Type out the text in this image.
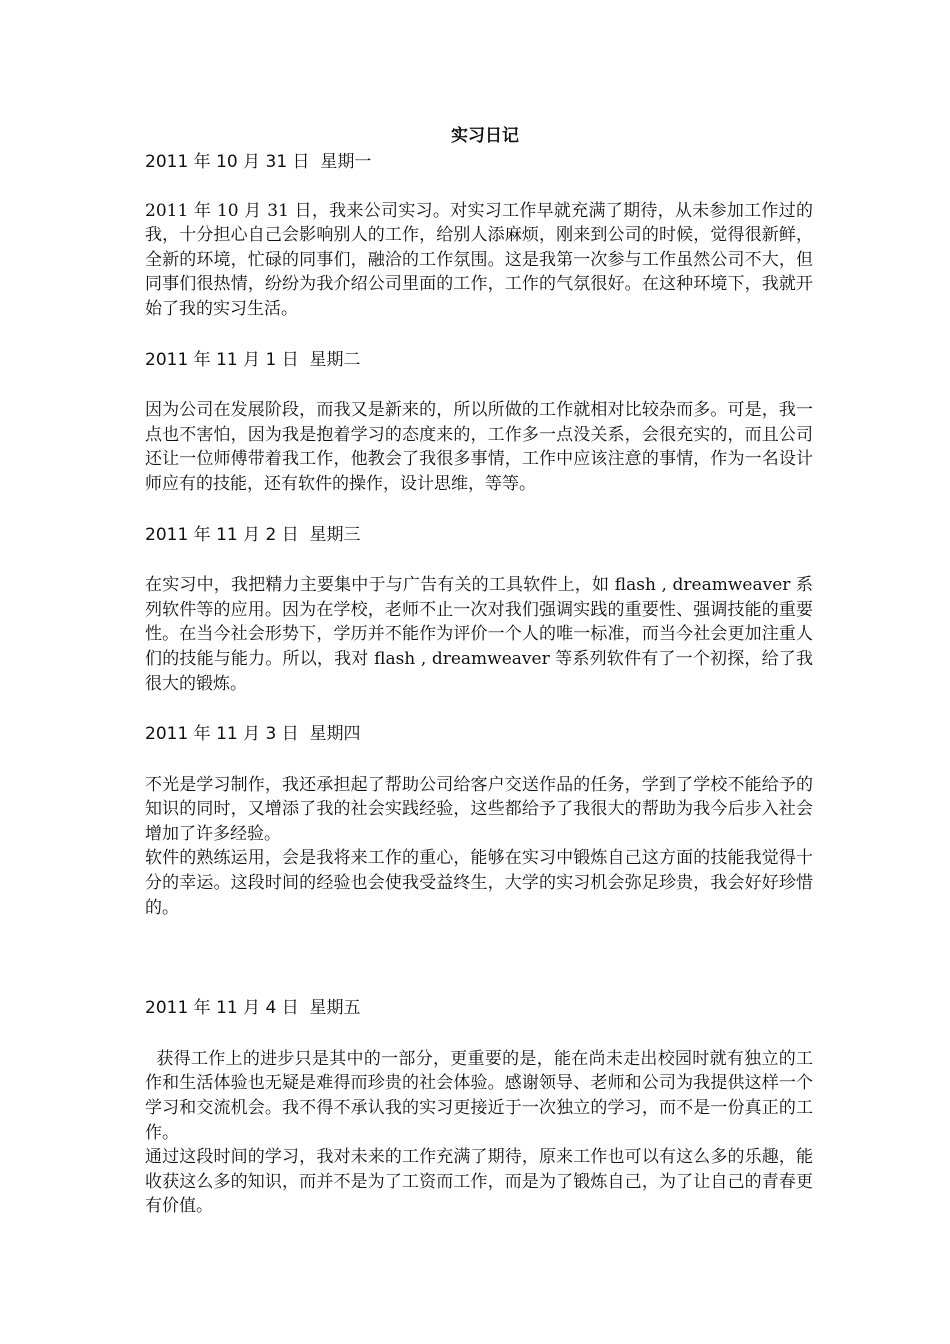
实习日记

2011 年 10 月 31 日  星期一

2011 年 10 月 31 日，我来公司实习。对实习工作早就充满了期待，从未参加工作过的我，十分担心自己会影响别人的工作，给别人添麻烦，刚来到公司的时候，觉得很新鲜，全新的环境，忙碌的同事们，融洽的工作氛围。这是我第一次参与工作虽然公司不大，但同事们很热情，纷纷为我介绍公司里面的工作，工作的气氛很好。在这种环境下，我就开始了我的实习生活。

2011 年 11 月 1 日  星期二

因为公司在发展阶段，而我又是新来的，所以所做的工作就相对比较杂而多。可是，我一点也不害怕，因为我是抱着学习的态度来的，工作多一点没关系，会很充实的，而且公司还让一位师傅带着我工作，他教会了我很多事情，工作中应该注意的事情，作为一名设计师应有的技能，还有软件的操作，设计思维，等等。

2011 年 11 月 2 日  星期三

在实习中，我把精力主要集中于与广告有关的工具软件上，如 flash , dreamweaver 系列软件等的应用。因为在学校，老师不止一次对我们强调实践的重要性、强调技能的重要性。在当今社会形势下，学历并不能作为评价一个人的唯一标准，而当今社会更加注重人们的技能与能力。所以，我对 flash , dreamweaver 等系列软件有了一个初探，给了我很大的锻炼。

2011 年 11 月 3 日  星期四

不光是学习制作，我还承担起了帮助公司给客户交送作品的任务，学到了学校不能给予的知识的同时，又增添了我的社会实践经验，这些都给予了我很大的帮助为我今后步入社会增加了许多经验。

软件的熟练运用，会是我将来工作的重心，能够在实习中锻炼自己这方面的技能我觉得十分的幸运。这段时间的经验也会使我受益终生，大学的实习机会弥足珍贵，我会好好珍惜的。

2011 年 11 月 4 日  星期五

获得工作上的进步只是其中的一部分，更重要的是，能在尚未走出校园时就有独立的工作和生活体验也无疑是难得而珍贵的社会体验。感谢领导、老师和公司为我提供这样一个学习和交流机会。我不得不承认我的实习更接近于一次独立的学习，而不是一份真正的工作。

通过这段时间的学习，我对未来的工作充满了期待，原来工作也可以有这么多的乐趣，能收获这么多的知识，而并不是为了工资而工作，而是为了锻炼自己，为了让自己的青春更有价值。
